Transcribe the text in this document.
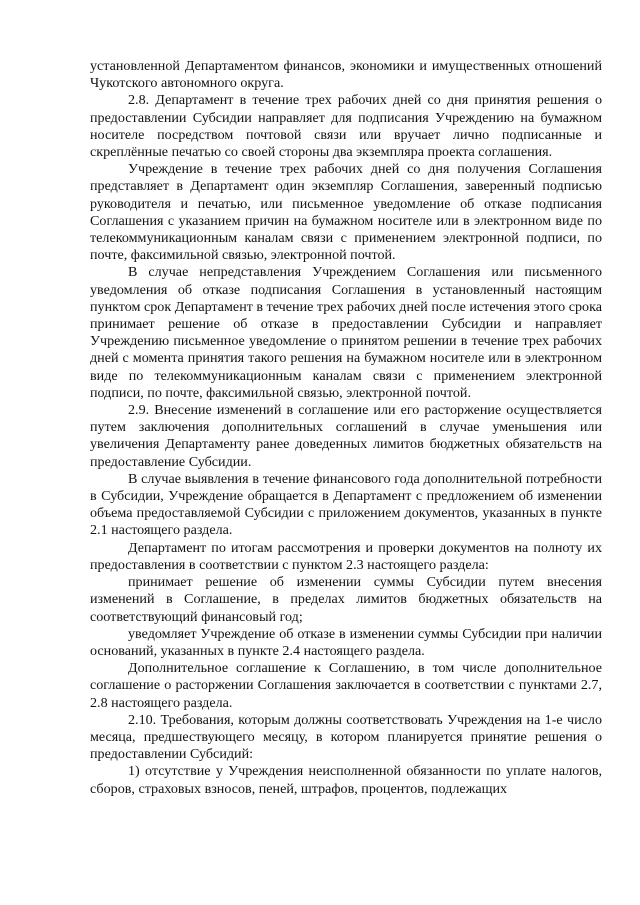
установленной Департаментом финансов, экономики и имущественных отношений Чукотского автономного округа.

2.8. Департамент в течение трех рабочих дней со дня принятия решения о предоставлении Субсидии направляет для подписания Учреждению на бумажном носителе посредством почтовой связи или вручает лично подписанные и скреплённые печатью со своей стороны два экземпляра проекта соглашения.

Учреждение в течение трех рабочих дней со дня получения Соглашения представляет в Департамент один экземпляр Соглашения, заверенный подписью руководителя и печатью, или письменное уведомление об отказе подписания Соглашения с указанием причин на бумажном носителе или в электронном виде по телекоммуникационным каналам связи с применением электронной подписи, по почте, факсимильной связью, электронной почтой.

В случае непредставления Учреждением Соглашения или письменного уведомления об отказе подписания Соглашения в установленный настоящим пунктом срок Департамент в течение трех рабочих дней после истечения этого срока принимает решение об отказе в предоставлении Субсидии и направляет Учреждению письменное уведомление о принятом решении в течение трех рабочих дней с момента принятия такого решения на бумажном носителе или в электронном виде по телекоммуникационным каналам связи с применением электронной подписи, по почте, факсимильной связью, электронной почтой.

2.9. Внесение изменений в соглашение или его расторжение осуществляется путем заключения дополнительных соглашений в случае уменьшения или увеличения Департаменту ранее доведенных лимитов бюджетных обязательств на предоставление Субсидии.

В случае выявления в течение финансового года дополнительной потребности в Субсидии, Учреждение обращается в Департамент с предложением об изменении объема предоставляемой Субсидии с приложением документов, указанных в пункте 2.1 настоящего раздела.

Департамент по итогам рассмотрения и проверки документов на полноту их предоставления в соответствии с пунктом 2.3 настоящего раздела:

принимает решение об изменении суммы Субсидии путем внесения изменений в Соглашение, в пределах лимитов бюджетных обязательств на соответствующий финансовый год;

уведомляет Учреждение об отказе в изменении суммы Субсидии при наличии оснований, указанных в пункте 2.4 настоящего раздела.

Дополнительное соглашение к Соглашению, в том числе дополнительное соглашение о расторжении Соглашения заключается в соответствии с пунктами 2.7, 2.8 настоящего раздела.

2.10. Требования, которым должны соответствовать Учреждения на 1-е число месяца, предшествующего месяцу, в котором планируется принятие решения о предоставлении Субсидий:

1) отсутствие у Учреждения неисполненной обязанности по уплате налогов, сборов, страховых взносов, пеней, штрафов, процентов, подлежащих
